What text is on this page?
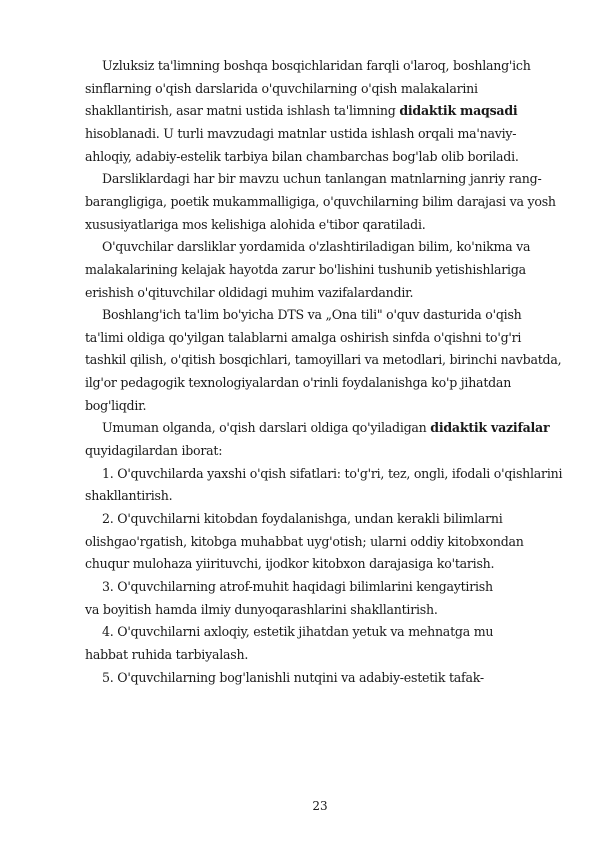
Uzluksiz ta'limning boshqa bosqichlaridan farqli o'laroq, boshlang'ich
sinflarning o'qish darslarida o'quvchilarning o'qish malakalarini
shakllantirish, asar matni ustida ishlash ta'limning didaktik maqsadi
hisoblanadi. U turli mavzudagi matnlar ustida ishlash orqali ma'naviy-
ahloqiy, adabiy-estelik tarbiya bilan chambarchas bog'lab olib boriladi.
Darsliklardagi har bir mavzu uchun tanlangan matnlarning janriy rang-
barangligiga, poetik mukammalligiga, o'quvchilarning bilim darajasi va yosh
xususiyatlariga mos kelishiga alohida e'tibor qaratiladi.
O'quvchilar darsliklar yordamida o'zlashtiriladigan bilim, ko'nikma va
malakalarining kelajak hayotda zarur bo'lishini tushunib yetishishlariga
erishish o'qituvchilar oldidagi muhim vazifalardandir.
Boshlang'ich ta'lim bo'yicha DTS va „Ona tili" o'quv dasturida o'qish
ta'limi oldiga qo'yilgan talablarni amalga oshirish sinfda o'qishni to'g'ri
tashkil qilish, o'qitish bosqichlari, tamoyillari va metodlari, birinchi navbatda,
ilg'or pedagogik texnologiyalardan o'rinli foydalanishga ko'p jihatdan
bog'liqdir.
Umuman olganda, o'qish darslari oldiga qo'yiladigan didaktik vazifalar
quyidagilardan iborat:
1. O'quvchilarda yaxshi o'qish sifatlari: to'g'ri, tez, ongli, ifodali o'qishlarini
shakllantirish.
2. O'quvchilarni kitobdan foydalanishga, undan kerakli bilimlarni
olishgao'rgatish, kitobga muhabbat uyg'otish; ularni oddiy kitobxondan
chuqur mulohaza yiirituvchi, ijodkor kitobxon darajasiga ko'tarish.
3. O'quvchilarning atrof-muhit haqidagi bilimlarini kengaytirish
va boyitish hamda ilmiy dunyoqarashlarini shakllantirish.
4. O'quvchilarni axloqiy, estetik jihatdan yetuk va mehnatga mu
habbat ruhida tarbiyalash.
5. O'quvchilarning bog'lanishli nutqini va adabiy-estetik tafak-
23
